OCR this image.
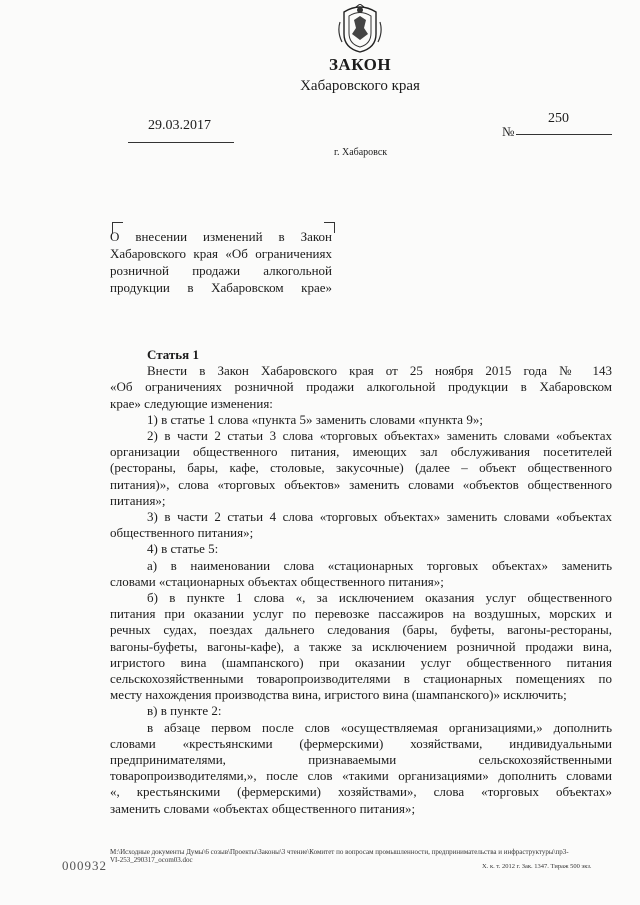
ЗАКОН
Хабаровского края
29.03.2017	№
250
г. Хабаровск
О внесении изменений в Закон
Хабаровского края «Об ограничениях
розничной продажи алкогольной
продукции в Хабаровском крае»
Статья 1
Внести в Закон Хабаровского края от 25 ноября 2015 года № 143
«Об ограничениях розничной продажи алкогольной продукции в Хабаровском
крае» следующие изменения:
1) в статье 1 слова «пункта 5» заменить словами «пункта 9»;
2) в части 2 статьи 3 слова «торговых объектах» заменить словами «объектах
организации общественного питания, имеющих зал обслуживания посетителей
(рестораны, бары, кафе, столовые, закусочные) (далее – объект общественного
питания)», слова «торговых объектов» заменить словами «объектов общественного
питания»;
3) в части 2 статьи 4 слова «торговых объектах» заменить словами «объектах
общественного питания»;
4) в статье 5:
а) в наименовании слова «стационарных торговых объектах» заменить
словами «стационарных объектах общественного питания»;
б) в пункте 1 слова «, за исключением оказания услуг общественного
питания при оказании услуг по перевозке пассажиров на воздушных, морских и
речных судах, поездах дальнего следования (бары, буфеты, вагоны-рестораны,
вагоны-буфеты, вагоны-кафе), а также за исключением розничной продажи вина,
игристого вина (шампанского) при оказании услуг общественного питания
сельскохозяйственными товаропроизводителями в стационарных помещениях по
месту нахождения производства вина, игристого вина (шампанского)» исключить;
в) в пункте 2:
в абзаце первом после слов «осуществляемая организациями,» дополнить
словами «крестьянскими (фермерскими) хозяйствами, индивидуальными
предпринимателями, признаваемыми сельскохозяйственными
товаропроизводителями,», после слов «такими организациями» дополнить словами
«, крестьянскими (фермерскими) хозяйствами», слова «торговых объектах»
заменить словами «объектах общественного питания»;
M:\Исходные документы Думы\6 созыв\Проекты\Законы\3 чтение\Комитет по вопросам промышленности, предпринимательства и инфраструктуры\пр3-
VI-253_290317_ocom03.doc
000932	Х. к. т. 2012 г. Зак. 1347. Тираж 500 экз.
